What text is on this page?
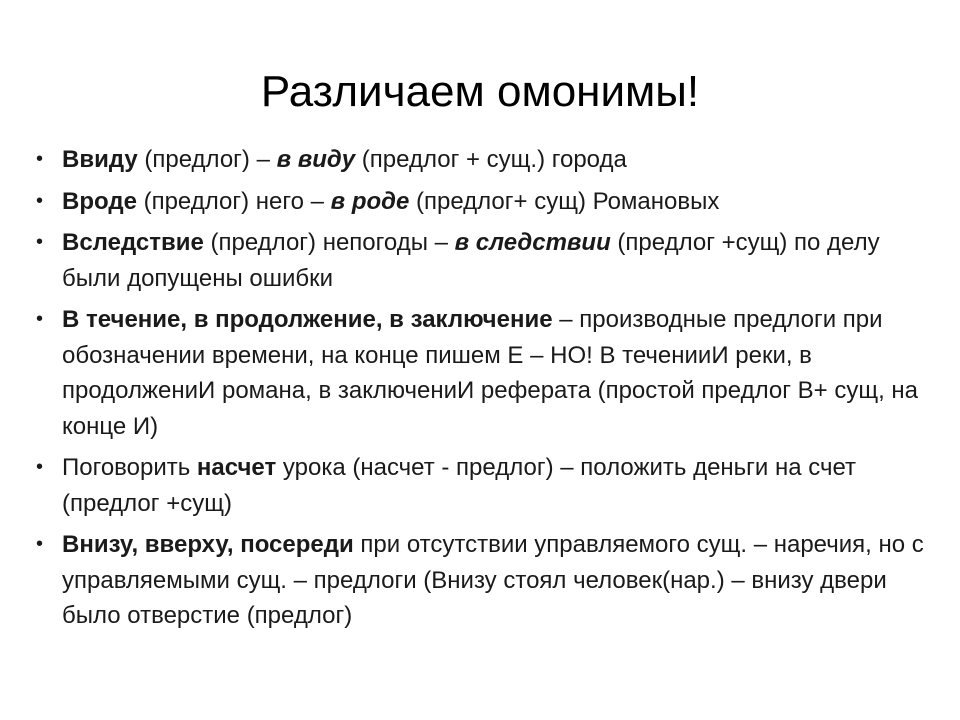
Различаем омонимы!
• Ввиду (предлог) – в виду (предлог + сущ.) города
• Вроде (предлог) него – в роде (предлог+ сущ) Романовых
• Вследствие (предлог) непогоды – в следствии (предлог +сущ) по делу были допущены ошибки
• В течение, в продолжение, в заключение – производные предлоги при обозначении времени, на конце пишем Е – НО! В теченииИ реки, в продолжениИ романа, в заключениИ реферата (простой предлог В+ сущ, на конце И)
• Поговорить насчет урока (насчет - предлог) – положить деньги на счет (предлог +сущ)
• Внизу, вверху, посереди при отсутствии управляемого сущ. – наречия, но с управляемыми сущ. – предлоги (Внизу стоял человек(нар.) – внизу двери было отверстие (предлог)
